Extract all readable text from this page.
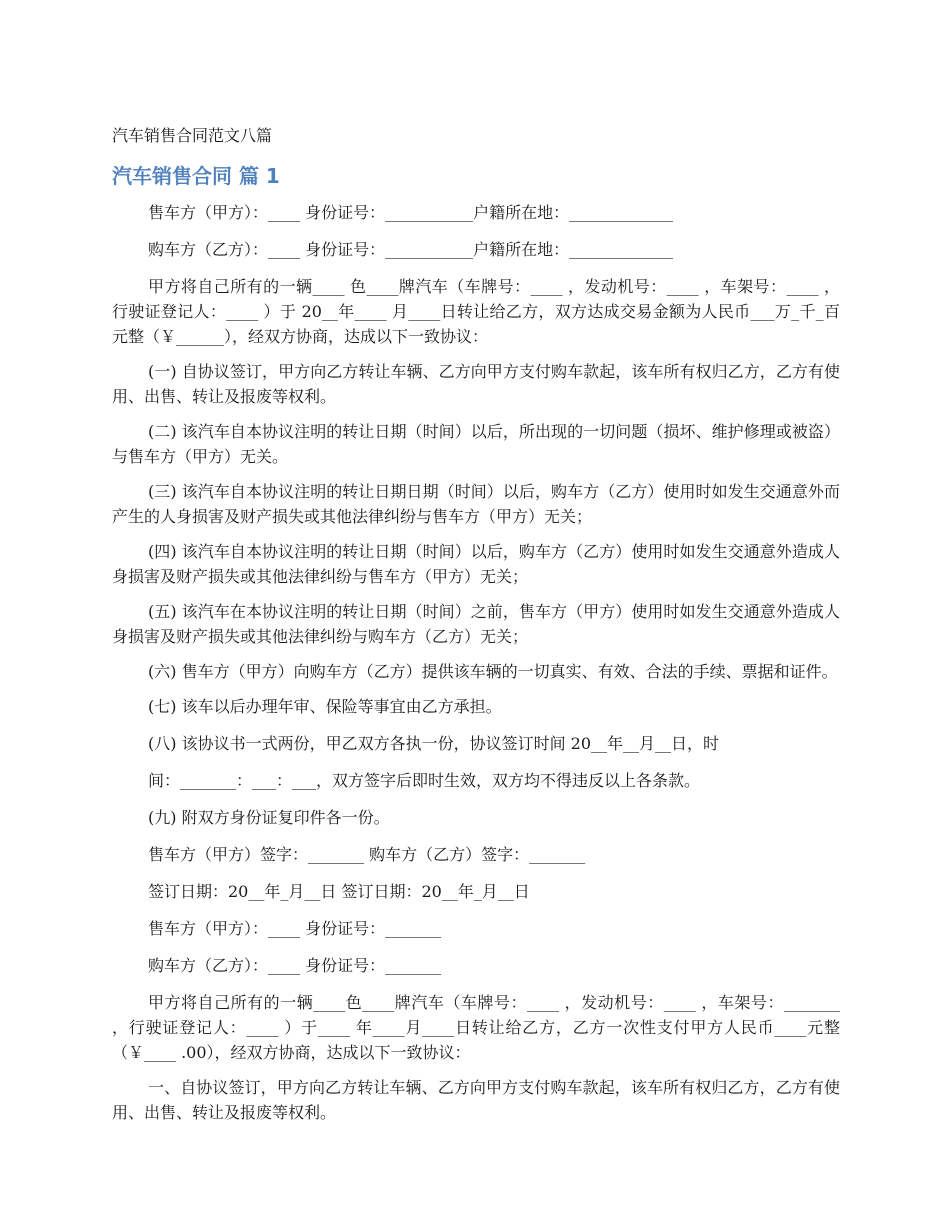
汽车销售合同范文八篇
汽车销售合同 篇 1

售车方（甲方）：____ 身份证号：___________户籍所在地：_____________

购车方（乙方）：____ 身份证号：___________户籍所在地：_____________

甲方将自己所有的一辆____ 色____牌汽车（车牌号：____ ，发动机号：____ ，车架号：____ ，行驶证登记人：____ ）于 20__年____ 月____日转让给乙方，双方达成交易金额为人民币___万_千_百元整（￥______），经双方协商，达成以下一致协议：

(一) 自协议签订，甲方向乙方转让车辆、乙方向甲方支付购车款起，该车所有权归乙方，乙方有使用、出售、转让及报废等权利。

(二) 该汽车自本协议注明的转让日期（时间）以后，所出现的一切问题（损坏、维护修理或被盗）与售车方（甲方）无关。

(三) 该汽车自本协议注明的转让日期日期（时间）以后，购车方（乙方）使用时如发生交通意外而产生的人身损害及财产损失或其他法律纠纷与售车方（甲方）无关；

(四) 该汽车自本协议注明的转让日期（时间）以后，购车方（乙方）使用时如发生交通意外造成人身损害及财产损失或其他法律纠纷与售车方（甲方）无关；

(五) 该汽车在本协议注明的转让日期（时间）之前，售车方（甲方）使用时如发生交通意外造成人身损害及财产损失或其他法律纠纷与购车方（乙方）无关；

(六) 售车方（甲方）向购车方（乙方）提供该车辆的一切真实、有效、合法的手续、票据和证件。

(七) 该车以后办理年审、保险等事宜由乙方承担。

(八) 该协议书一式两份，甲乙双方各执一份，协议签订时间 20__年__月__日，时

间：_______：___：___，双方签字后即时生效，双方均不得违反以上各条款。

(九) 附双方身份证复印件各一份。

售车方（甲方）签字：_______ 购车方（乙方）签字：_______

签订日期：20__年_月__日 签订日期：20__年_月__日

售车方（甲方）：____ 身份证号：_______

购车方（乙方）：____ 身份证号：_______

甲方将自己所有的一辆____色____牌汽车（车牌号：____ ，发动机号：____ ，车架号：_______ ，行驶证登记人：____ ）于____ 年____月____日转让给乙方，乙方一次性支付甲方人民币____元整（￥____ .00），经双方协商，达成以下一致协议：

一、自协议签订，甲方向乙方转让车辆、乙方向甲方支付购车款起，该车所有权归乙方，乙方有使用、出售、转让及报废等权利。
